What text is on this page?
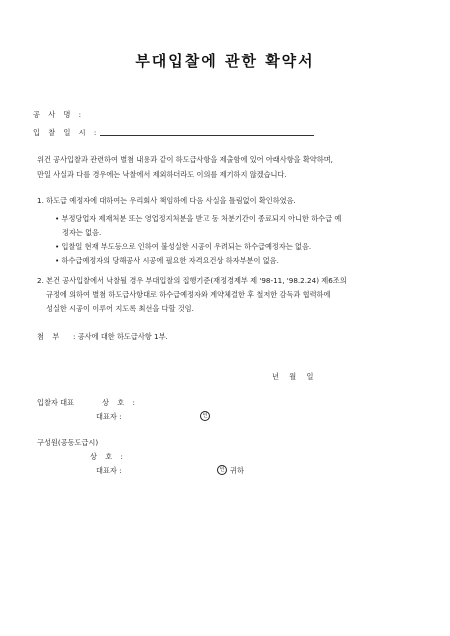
부대입찰에 관한 확약서
공 사 명 :
입 찰 일 시 :
위건 공사입찰과 관련하여 별첨 내용과 같이 하도급사항을 제출함에 있어 아래사항을 확약하며,
만일 사실과 다를 경우에는 낙찰에서 제외하더라도 이의를 제기하지 않겠습니다.
1. 하도급 예정자에 대하여는 우리회사 책임하에 다음 사실을 틀림없이 확인하였음.
• 부정당업자 제재처분 또는 영업정지처분을 받고 동 처분기간이 종료되지 아니한 하수급 예
정자는 없음.
• 입찰일 현재 부도등으로 인하여 불성실한 시공이 우려되는 하수급예정자는 없음.
• 하수급예정자의 당해공사 시공에 필요한 자격요건상 하자부분이 없음.
2. 본건 공사입찰에서 낙찰될 경우 부대입찰의 집행기준(재정경제부 제 '98-11, '98.2.24) 제6조의
규정에 의하여 별첨 하도급사항대로 하수급예정자와 계약체결한 후 철저한 감독과 협력하에
성실한 시공이 이루어 지도록 최선을 다할 것임.
첨 부 : 공사에 대한 하도급사항 1부.
년 월 일
입찰자 대표	상 호 :
대표자 :	인
구성원(공동도급시)
상 호 :
대표자 :	인 귀하
